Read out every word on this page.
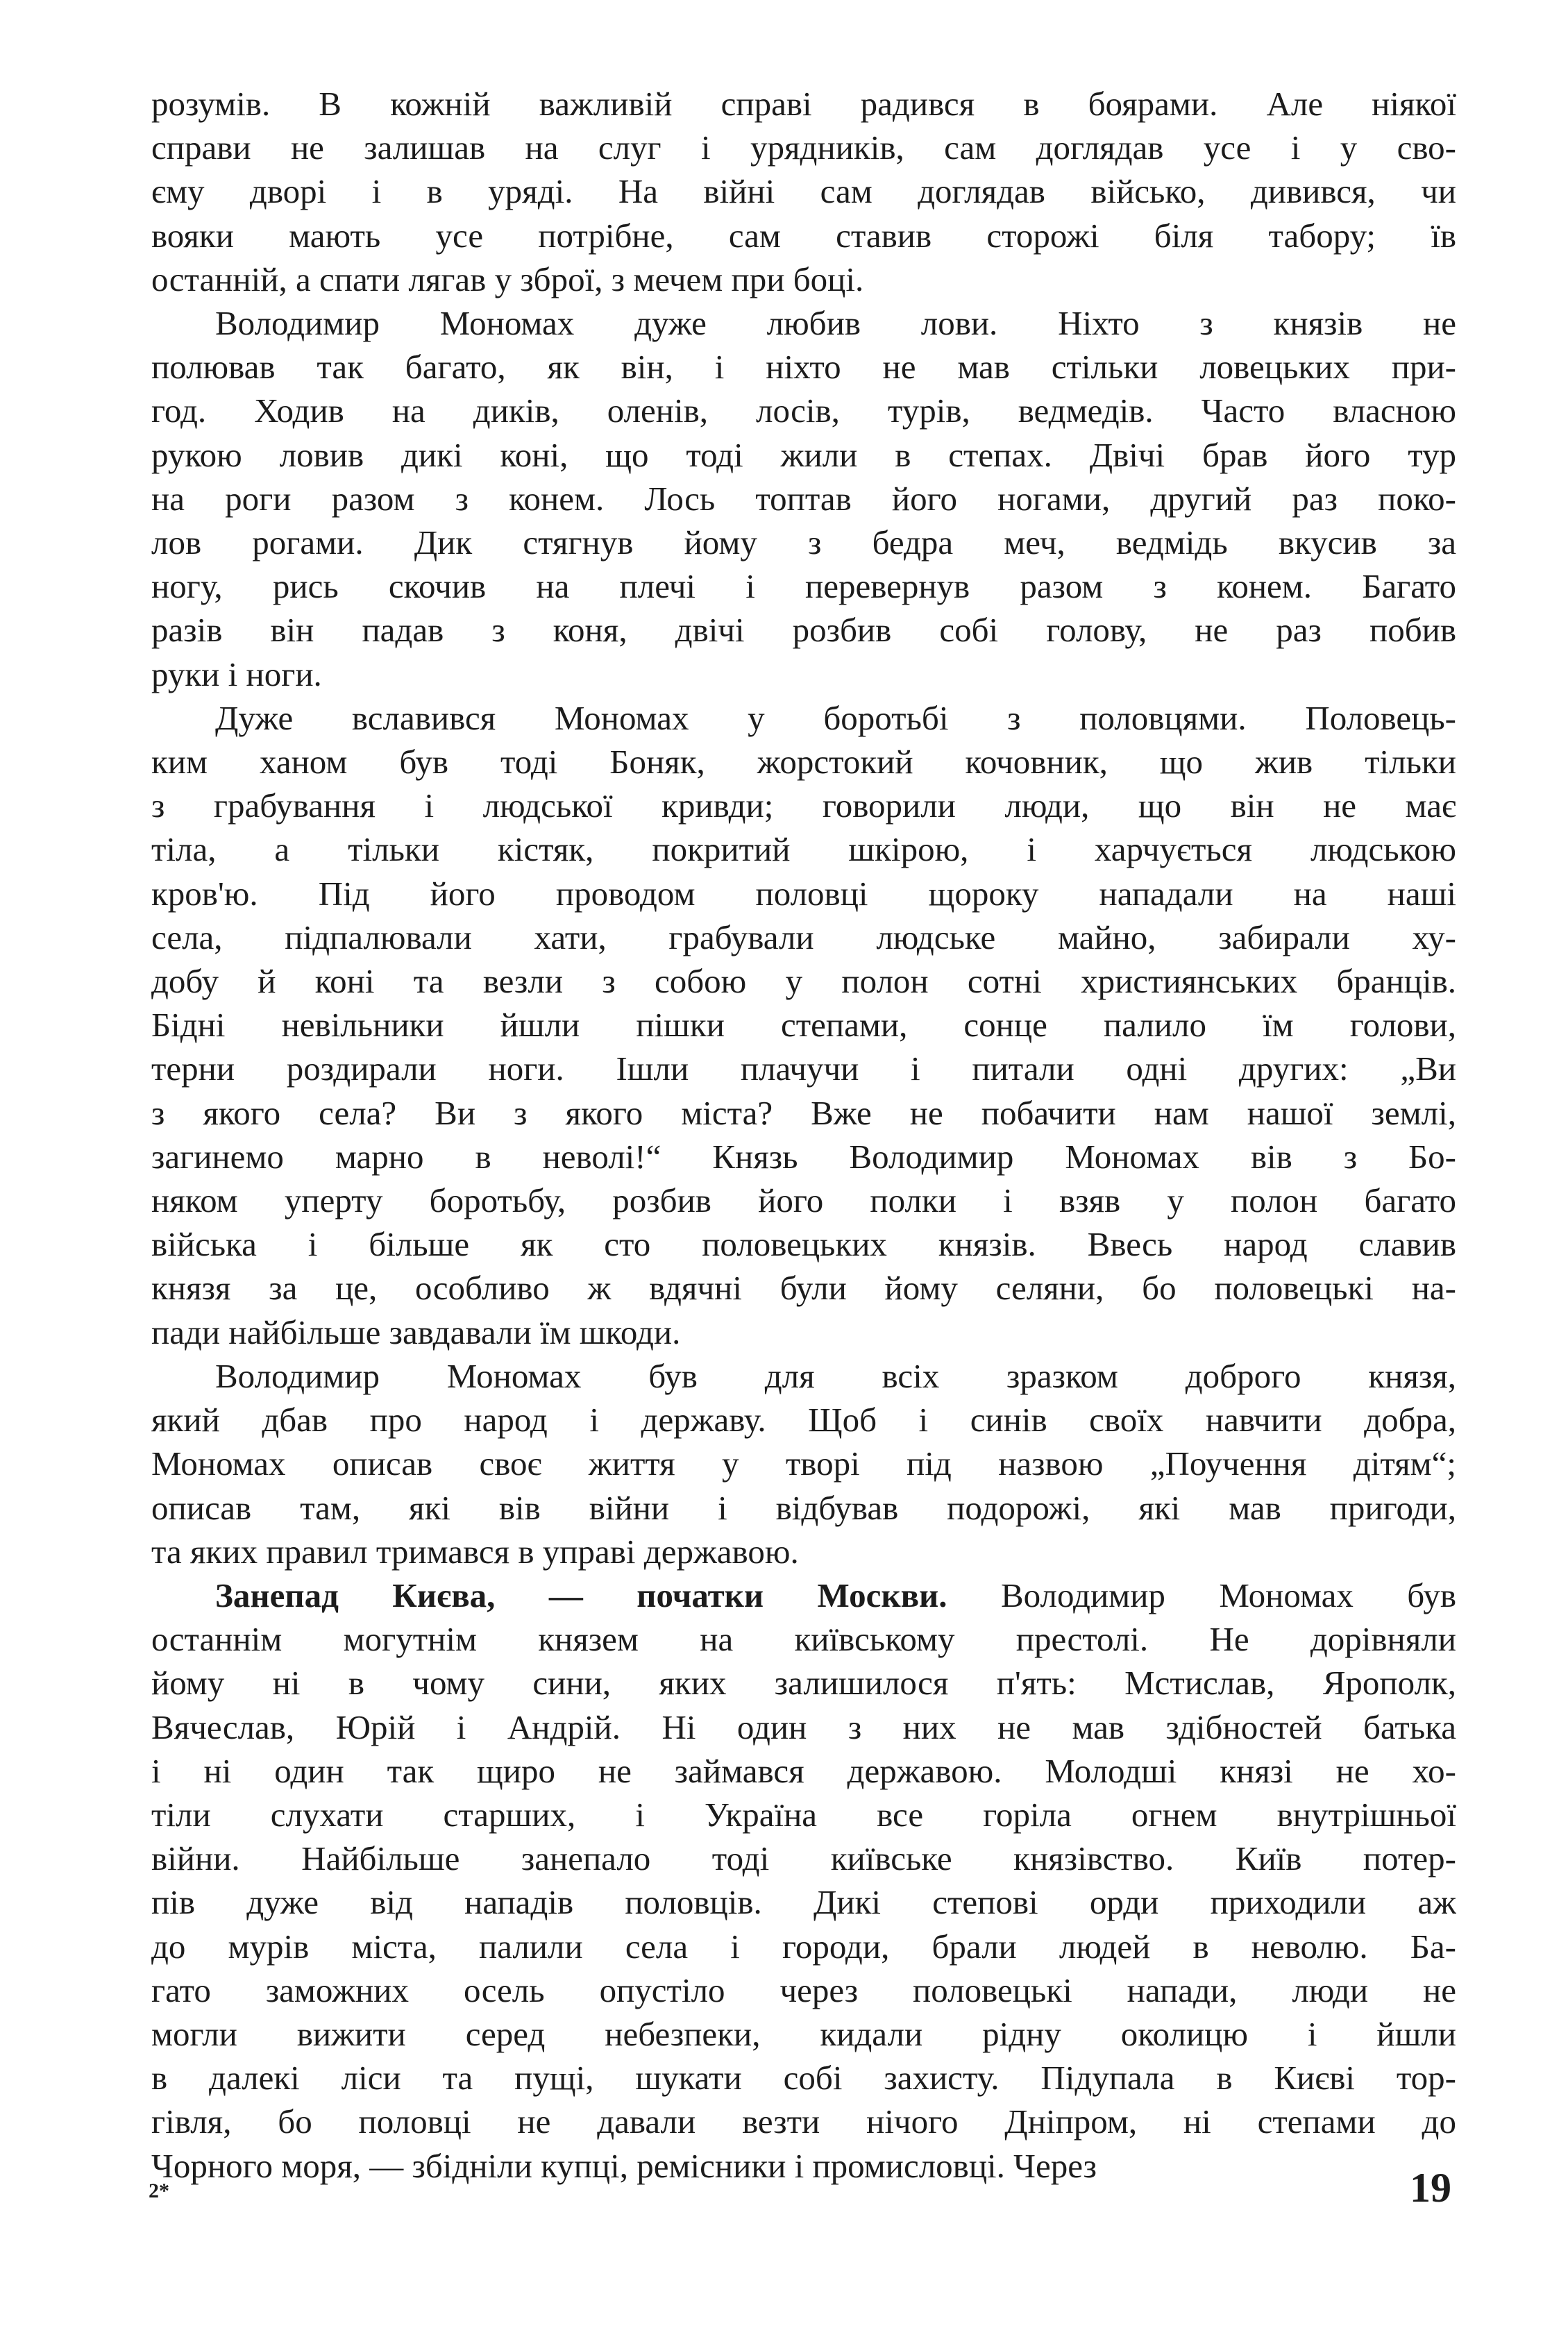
розумів. В кожній важливій справі радився в боярами. Але ніякої
справи не залишав на слуг і урядників, сам доглядав усе і у сво-
єму дворі і в уряді. На війні сам доглядав військо, дивився, чи
вояки мають усе потрібне, сам ставив сторожі біля табору; їв
останній, а спати лягав у зброї, з мечем при боці.
Володимир Мономах дуже любив лови. Ніхто з князів не
полював так багато, як він, і ніхто не мав стільки ловецьких при-
год. Ходив на диків, оленів, лосів, турів, ведмедів. Часто власною
рукою ловив дикі коні, що тоді жили в степах. Двічі брав його тур
на роги разом з конем. Лось топтав його ногами, другий раз поко-
лов рогами. Дик стягнув йому з бедра меч, ведмідь вкусив за
ногу, рись скочив на плечі і перевернув разом з конем. Багато
разів він падав з коня, двічі розбив собі голову, не раз побив
руки і ноги.
Дуже вславився Мономах у боротьбі з половцями. Половець-
ким ханом був тоді Боняк, жорстокий кочовник, що жив тільки
з грабування і людської кривди; говорили люди, що він не має
тіла, а тільки кістяк, покритий шкірою, і харчується людською
кров'ю. Під його проводом половці щороку нападали на наші
села, підпалювали хати, грабували людське майно, забирали ху-
добу й коні та везли з собою у полон сотні християнських бранців.
Бідні невільники йшли пішки степами, сонце палило їм голови,
терни роздирали ноги. Ішли плачучи і питали одні других: „Ви
з якого села? Ви з якого міста? Вже не побачити нам нашої землі,
загинемо марно в неволі!“ Князь Володимир Мономах вів з Бо-
няком уперту боротьбу, розбив його полки і взяв у полон багато
війська і більше як сто половецьких князів. Ввесь народ славив
князя за це, особливо ж вдячні були йому селяни, бо половецькі на-
пади найбільше завдавали їм шкоди.
Володимир Мономах був для всіх зразком доброго князя,
який дбав про народ і державу. Щоб і синів своїх навчити добра,
Мономах описав своє життя у творі під назвою „Поучення дітям“;
описав там, які вів війни і відбував подорожі, які мав пригоди,
та яких правил тримався в управі державою.
Занепад Києва, — початки Москви. Володимир Мономах був
останнім могутнім князем на київському престолі. Не дорівняли
йому ні в чому сини, яких залишилося п'ять: Мстислав, Ярополк,
Вячеслав, Юрій і Андрій. Ні один з них не мав здібностей батька
і ні один так щиро не займався державою. Молодші князі не хо-
тіли слухати старших, і Україна все горіла огнем внутрішньої
війни. Найбільше занепало тоді київське князівство. Київ потер-
пів дуже від нападів половців. Дикі степові орди приходили аж
до мурів міста, палили села і городи, брали людей в неволю. Ба-
гато заможних осель опустіло через половецькі напади, люди не
могли вижити серед небезпеки, кидали рідну околицю і йшли
в далекі ліси та пущі, шукати собі захисту. Підупала в Києві тор-
гівля, бо половці не давали везти нічого Дніпром, ні степами до
Чорного моря, — збідніли купці, ремісники і промисловці. Через
2*	19
